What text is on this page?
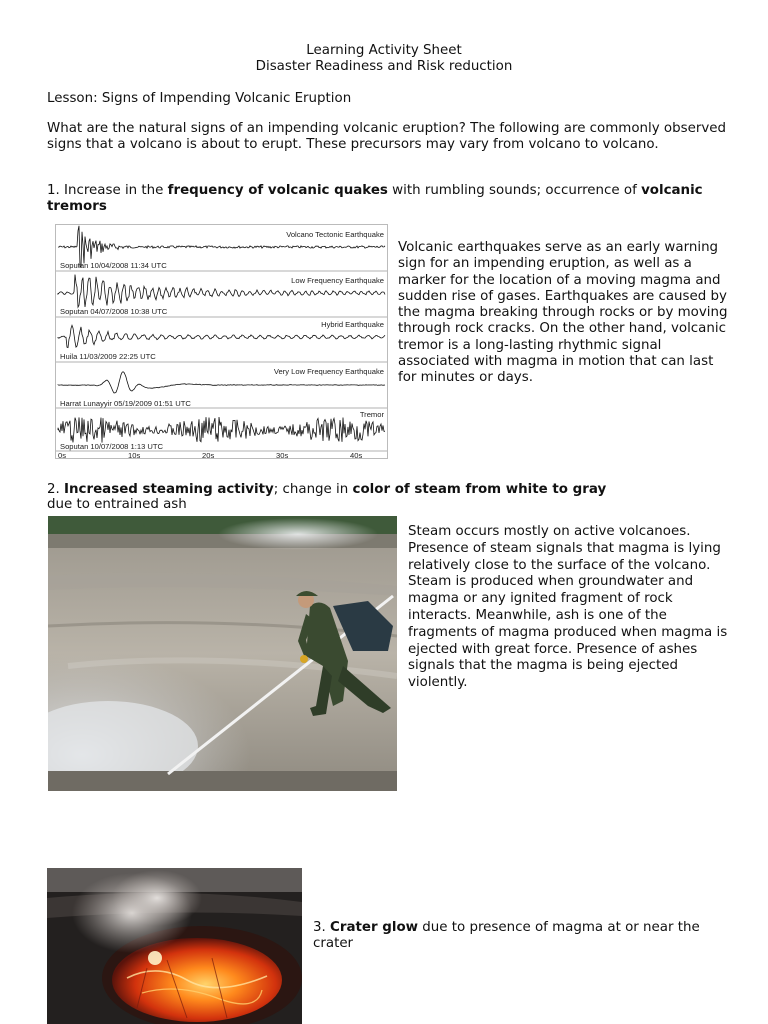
Learning Activity Sheet
Disaster Readiness and Risk reduction
Lesson: Signs of Impending Volcanic Eruption
What are the natural signs of an impending volcanic eruption? The following are commonly observed signs that a volcano is about to erupt. These precursors may vary from volcano to volcano.
1. Increase in the frequency of volcanic quakes with rumbling sounds; occurrence of volcanic tremors
Volcano Tectonic Earthquake
Soputan 10/04/2008 11:34 UTC
Low Frequency Earthquake
Soputan 04/07/2008 10:38 UTC
Hybrid Earthquake
Huila 11/03/2009 22:25 UTC
Very Low Frequency Earthquake
Harrat Lunayyir 05/19/2009 01:51 UTC
Tremor
Soputan 10/07/2008 1:13 UTC
0s	10s	20s	30s	40s
Volcanic earthquakes serve as an early warning sign for an impending eruption, as well as a marker for the location of a moving magma and sudden rise of gases. Earthquakes are caused by the magma breaking through rocks or by moving through rock cracks. On the other hand, volcanic tremor is a long-lasting rhythmic signal associated with magma in motion that can last for minutes or days.
2. Increased steaming activity; change in color of steam from white to gray
due to entrained ash
Steam occurs mostly on active volcanoes. Presence of steam signals that magma is lying relatively close to the surface of the volcano. Steam is produced when groundwater and magma or any ignited fragment of rock interacts. Meanwhile, ash is one of the fragments of magma produced when magma is ejected with great force. Presence of ashes signals that the magma is being ejected violently.
3. Crater glow due to presence of magma at or near the crater
